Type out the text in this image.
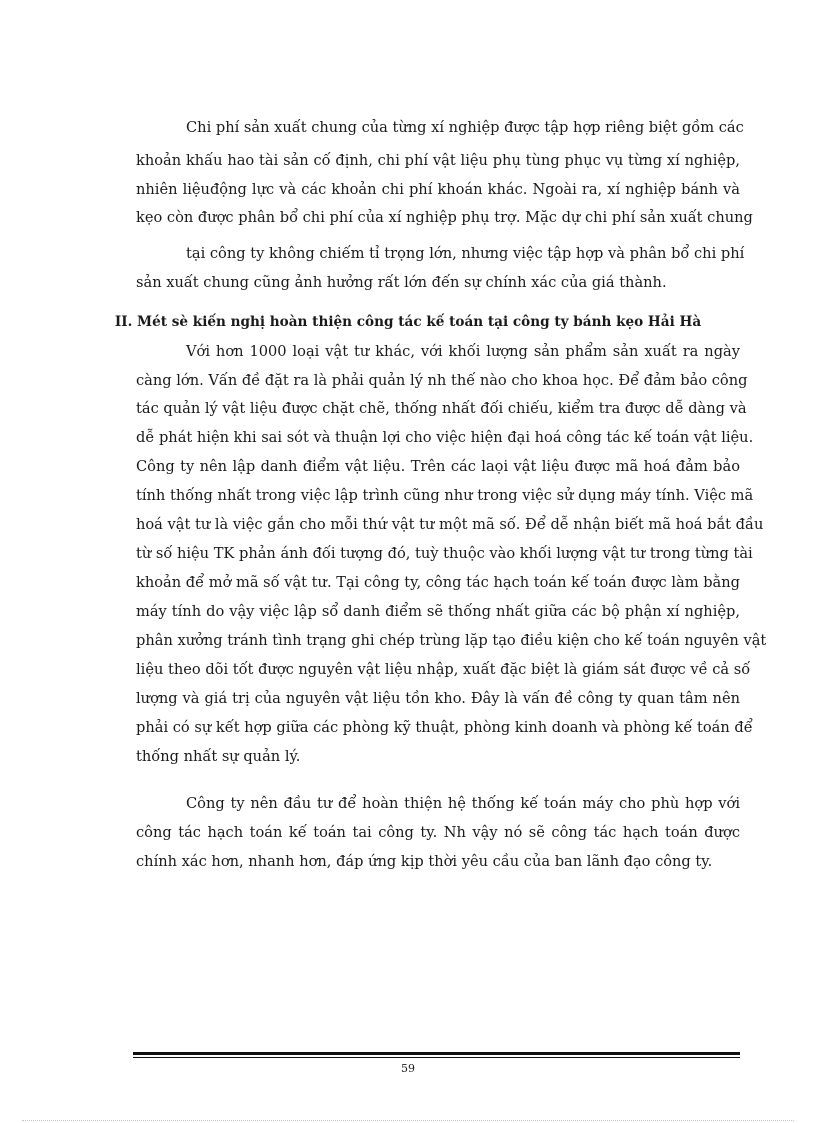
Chi phí sản xuất chung của từng xí nghiệp được tập hợp riêng biệt gồm các
khoản khấu hao tài sản cố định, chi phí vật liệu phụ tùng phục vụ từng xí nghiệp,
nhiên liệuđộng lực và các khoản chi phí khoán khác. Ngoài ra, xí nghiệp bánh và
kẹo còn được phân bổ chi phí của xí nghiệp phụ trợ. Mặc dự chi phí sản xuất chung
tại công ty không chiếm tỉ trọng lớn, nhưng việc tập hợp và phân bổ chi phí
sản xuất chung cũng ảnh hưởng rất lớn đến sự chính xác của giá thành.
II. Mét sè kiến nghị hoàn thiện công tác kế toán tại công ty bánh kẹo Hải Hà
Với hơn 1000 loại vật tư khác, với khối lượng sản phẩm sản xuất ra ngày
càng lớn. Vấn đề đặt ra là phải quản lý nh thế nào cho khoa học. Để đảm bảo công
tác quản lý vật liệu được chặt chẽ, thống nhất đối chiếu, kiểm tra được dễ dàng và
dễ phát hiện khi sai sót và thuận lợi cho việc hiện đại hoá công tác kế toán vật liệu.
Công ty nên lập danh điểm vật liệu. Trên các laọi vật liệu được mã hoá đảm bảo
tính thống nhất trong việc lập trình cũng như trong việc sử dụng máy tính. Việc mã
hoá vật tư là việc gắn cho mỗi thứ vật tư một mã số. Để dễ nhận biết mã hoá bắt đầu
từ số hiệu TK phản ánh đối tượng đó, tuỳ thuộc vào khối lượng vật tư trong từng tài
khoản để mở mã số vật tư. Tại công ty, công tác hạch toán kế toán được làm bằng
máy tính do vậy việc lập sổ danh điểm sẽ thống nhất giữa các bộ phận xí nghiệp,
phân xưởng tránh tình trạng ghi chép trùng lặp tạo điều kiện cho kế toán nguyên vật
liệu theo dõi tốt được nguyên vật liệu nhập, xuất đặc biệt là giám sát được về cả số
lượng và giá trị của nguyên vật liệu tồn kho. Đây là vấn đề công ty quan tâm nên
phải có sự kết hợp giữa các phòng kỹ thuật, phòng kinh doanh và phòng kế toán để
thống nhất sự quản lý.
Công ty nên đầu tư để hoàn thiện hệ thống kế toán máy cho phù hợp với
công tác hạch toán kế toán tai công ty. Nh vậy nó sẽ công tác hạch toán được
chính xác hơn, nhanh hơn, đáp ứng kịp thời yêu cầu của ban lãnh đạo công ty.
59
